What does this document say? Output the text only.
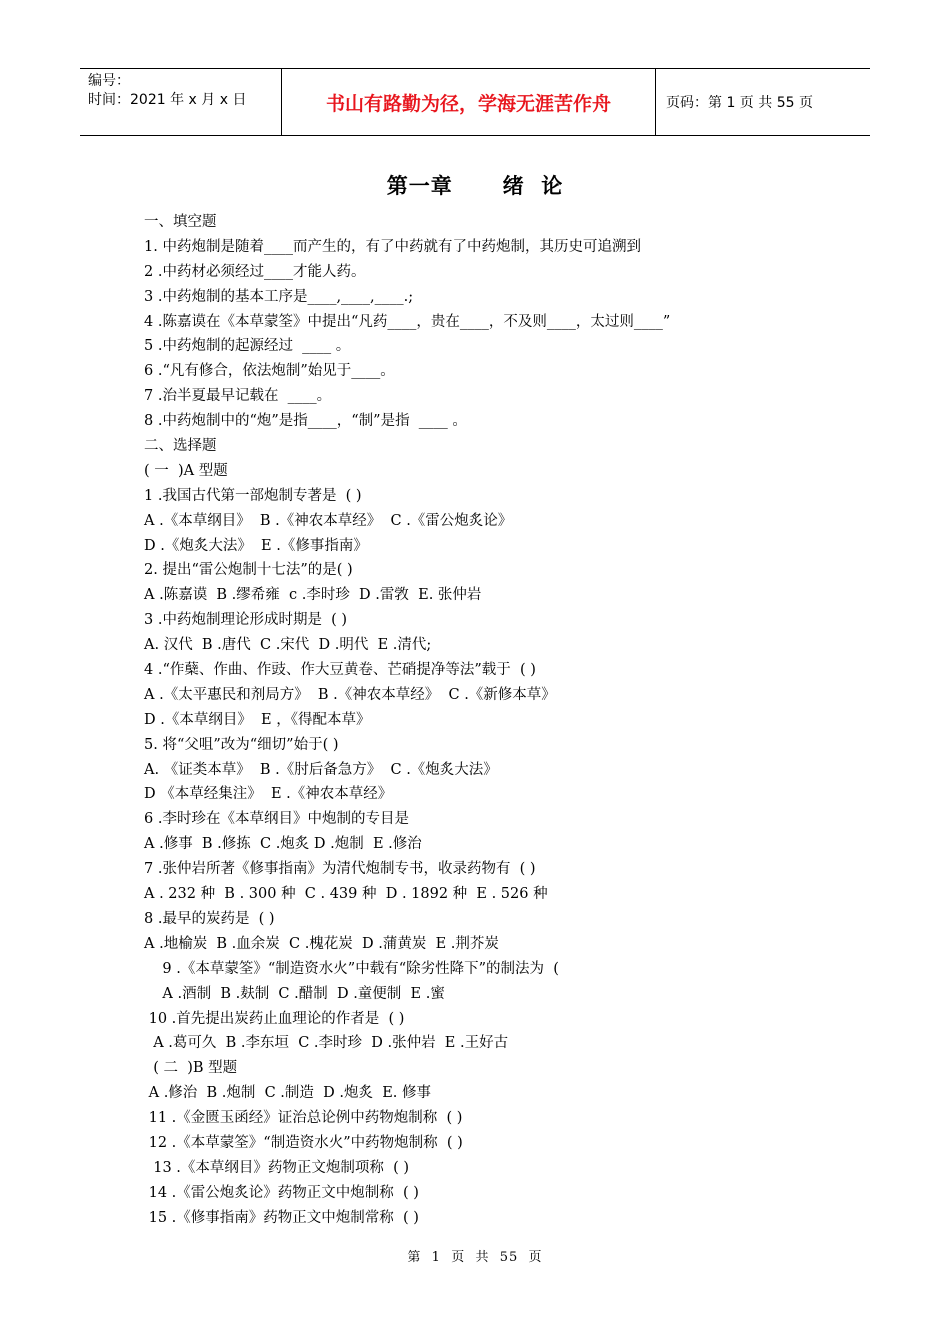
编号：
时间：2021 年 x 月 x 日	书山有路勤为径，学海无涯苦作舟	页码：第 1 页 共 55 页
第一章      绪  论
一、填空题
1. 中药炮制是随着____而产生的，有了中药就有了中药炮制，其历史可追溯到
2 .中药材必须经过____才能人药。
3 .中药炮制的基本工序是____,____,____.;
4 .陈嘉谟在《本草蒙筌》中提出“凡药____，贵在____，不及则____，太过则____”
5 .中药炮制的起源经过  ____ 。
6 .“凡有修合，依法炮制”始见于____。
7 .治半夏最早记载在  ____。
8 .中药炮制中的“炮”是指____，“制”是指  ____ 。
二、选择题
( 一  )A 型题
1 .我国古代第一部炮制专著是  ( )
A .《本草纲目》  B .《神农本草经》  C .《雷公炮炙论》
D .《炮炙大法》  E .《修事指南》
2. 提出“雷公炮制十七法”的是( )
A .陈嘉谟  B .缪希雍  c .李时珍  D .雷敩  E. 张仲岩
3 .中药炮制理论形成时期是  ( )
A. 汉代  B .唐代  C .宋代  D .明代  E .清代;
4 .“作蘖、作曲、作豉、作大豆黄卷、芒硝提净等法”载于  ( )
A .《太平惠民和剂局方》  B .《神农本草经》  C .《新修本草》
D .《本草纲目》  E ，《得配本草》
5. 将“父咀”改为“细切”始于( )
A. 《证类本草》  B .《肘后备急方》  C .《炮炙大法》
D 《本草经集注》  E .《神农本草经》
6 .李时珍在《本草纲目》中炮制的专目是
A .修事  B .修拣  C .炮炙 D .炮制  E .修治
7 .张仲岩所著《修事指南》为清代炮制专书，收录药物有  ( )
A . 232 种  B . 300 种  C . 439 种  D . 1892 种  E . 526 种
8 .最早的炭药是  ( )
A .地榆炭  B .血余炭  C .槐花炭  D .蒲黄炭  E .荆芥炭
9 .《本草蒙筌》“制造资水火”中载有“除劣性降下”的制法为  (
A .酒制  B .麸制  C .醋制  D .童便制  E .蜜
10 .首先提出炭药止血理论的作者是  ( )
A .葛可久  B .李东垣  C .李时珍  D .张仲岩  E .王好古
( 二  )B 型题
A .修治  B .炮制  C .制造  D .炮炙  E. 修事
11 .《金匮玉函经》证治总论例中药物炮制称  ( )
12 .《本草蒙筌》“制造资水火”中药物炮制称  ( )
13 .《本草纲目》药物正文炮制项称  ( )
14 .《雷公炮炙论》药物正文中炮制称  ( )
15 .《修事指南》药物正文中炮制常称  ( )
第  1  页  共  55  页
